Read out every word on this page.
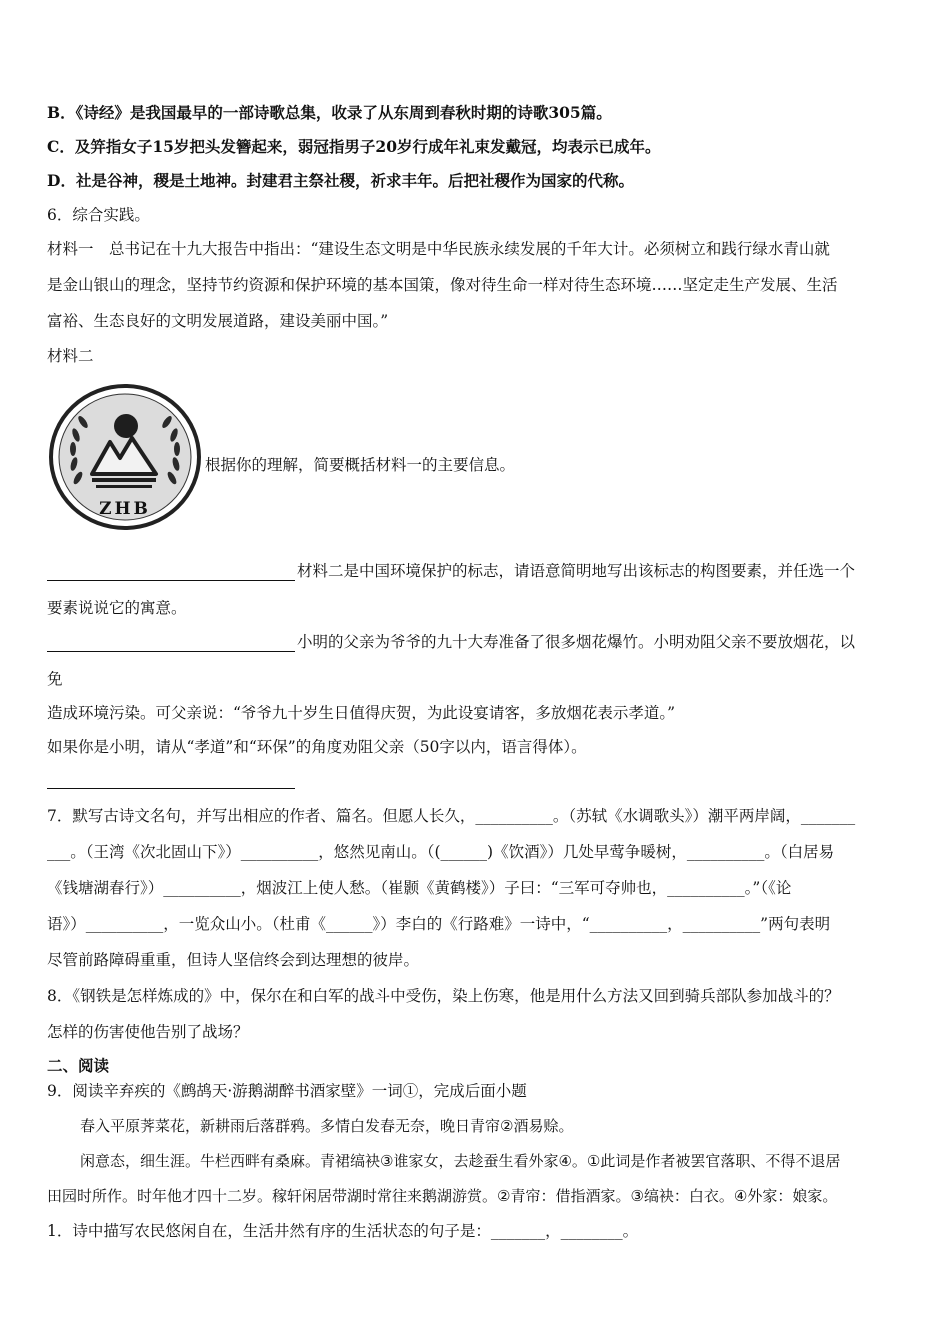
B．《诗经》是我国最早的一部诗歌总集，收录了从东周到春秋时期的诗歌305篇。
C．及笄指女子15岁把头发簪起来，弱冠指男子20岁行成年礼束发戴冠，均表示已成年。
D．社是谷神，稷是土地神。封建君主祭社稷，祈求丰年。后把社稷作为国家的代称。
6．综合实践。
材料一　总书记在十九大报告中指出：“建设生态文明是中华民族永续发展的千年大计。必须树立和践行绿水青山就
是金山银山的理念，坚持节约资源和保护环境的基本国策，像对待生命一样对待生态环境……坚定走生产发展、生活
富裕、生态良好的文明发展道路，建设美丽中国。”
材料二
ZHB
根据你的理解，简要概括材料一的主要信息。
材料二是中国环境保护的标志，请语意简明地写出该标志的构图要素，并任选一个
要素说说它的寓意。
小明的父亲为爷爷的九十大寿准备了很多烟花爆竹。小明劝阻父亲不要放烟花，以
免
造成环境污染。可父亲说：“爷爷九十岁生日值得庆贺，为此设宴请客，多放烟花表示孝道。”
如果你是小明，请从“孝道”和“环保”的角度劝阻父亲（50字以内，语言得体）。
7．默写古诗文名句，并写出相应的作者、篇名。但愿人长久，__________。（苏轼《水调歌头》）潮平两岸阔，_______
___。（王湾《次北固山下》）__________，悠然见南山。（(______)《饮酒》）几处早莺争暖树，__________。（白居易
《钱塘湖春行》）__________，烟波江上使人愁。（崔颢《黄鹤楼》）子曰：“三军可夺帅也，__________。”（《论
语》）__________，一览众山小。（杜甫《______》）李白的《行路难》一诗中，“__________，__________”两句表明
尽管前路障碍重重，但诗人坚信终会到达理想的彼岸。
8．《钢铁是怎样炼成的》中，保尔在和白军的战斗中受伤，染上伤寒，他是用什么方法又回到骑兵部队参加战斗的？
怎样的伤害使他告别了战场？
二、阅读
9．阅读辛弃疾的《鹧鸪天·游鹅湖醉书酒家壁》一词①，完成后面小题
春入平原荠菜花，新耕雨后落群鸦。多情白发春无奈，晚日青帘②酒易赊。
闲意态，细生涯。牛栏西畔有桑麻。青裙缟袂③谁家女，去趁蚕生看外家④。①此词是作者被罢官落职、不得不退居
田园时所作。时年他才四十二岁。稼轩闲居带湖时常往来鹅湖游赏。②青帘：借指酒家。③缟袂：白衣。④外家：娘家。
1．诗中描写农民悠闲自在，生活井然有序的生活状态的句子是：_______，________。
